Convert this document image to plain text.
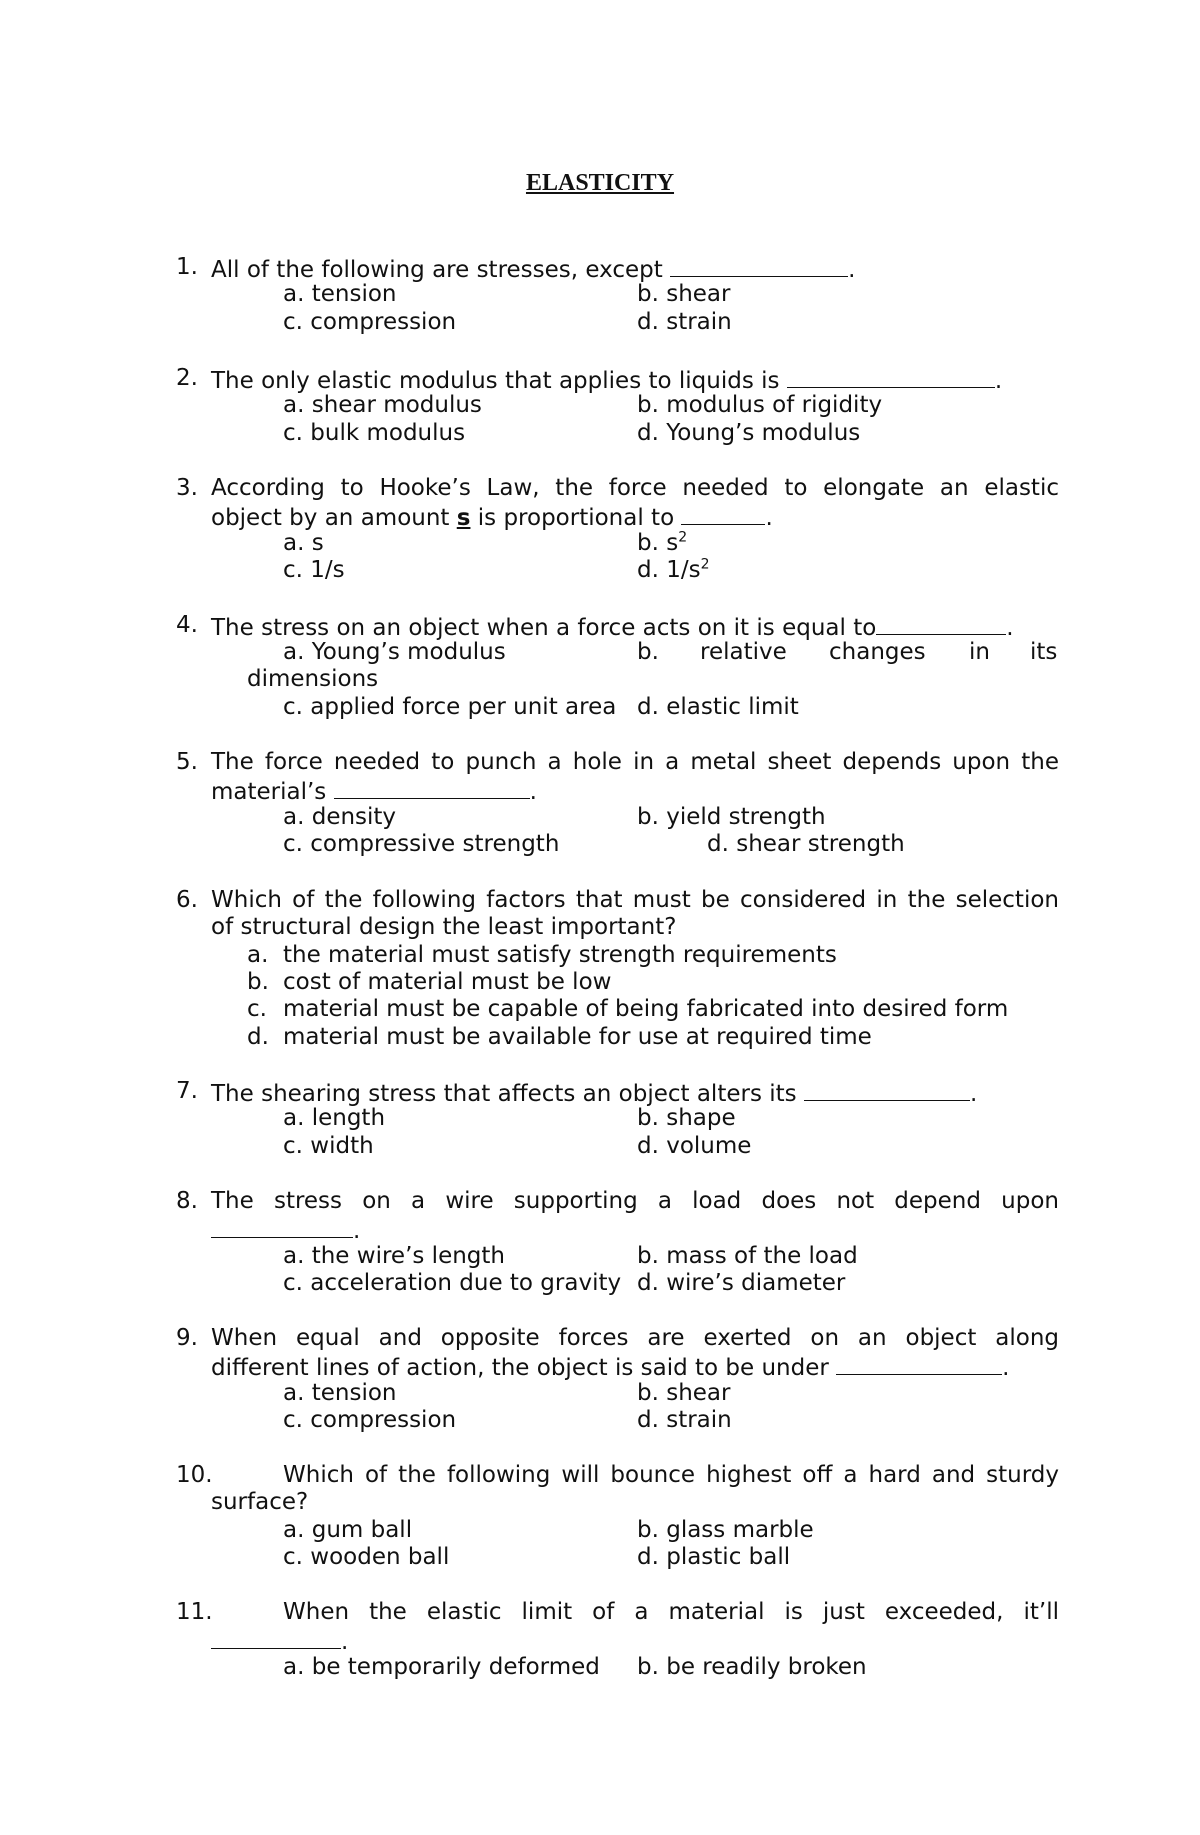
ELASTICITY
1. All of the following are stresses, except	.
a. tension	b. shear
c. compression	d. strain
2. The only elastic modulus that applies to liquids is	.
a. shear modulus	b. modulus of rigidity
c. bulk modulus	d. Young’s modulus
3. According to Hooke’s Law, the force needed to elongate an elastic
object by an amount s is proportional to	.
a. s	b. $s^2$
c. 1/s	d. $1/s^2$
4. The stress on an object when a force acts on it is equal to	.
a. Young’s modulus	b. relative changes in its
dimensions
c. applied force per unit area d. elastic limit
5. The force needed to punch a hole in a metal sheet depends upon the
material’s	.
a. density	b. yield strength
c. compressive strength	d. shear strength
6. Which of the following factors that must be considered in the selection
of structural design the least important?
a. the material must satisfy strength requirements
b. cost of material must be low
c. material must be capable of being fabricated into desired form
d. material must be available for use at required time
7. The shearing stress that affects an object alters its	.
a. length	b. shape
c. width	d. volume
8. The stress on a wire supporting a load does not depend upon
.
a. the wire’s length	b. mass of the load
c. acceleration due to gravity d. wire’s diameter
9. When equal and opposite forces are exerted on an object along
different lines of action, the object is said to be under	.
a. tension	b. shear
c. compression	d. strain
10.	Which of the following will bounce highest off a hard and sturdy
surface?
a. gum ball	b. glass marble
c. wooden ball	d. plastic ball
11.	When the elastic limit of a material is just exceeded, it’ll
.
a. be temporarily deformed b. be readily broken
